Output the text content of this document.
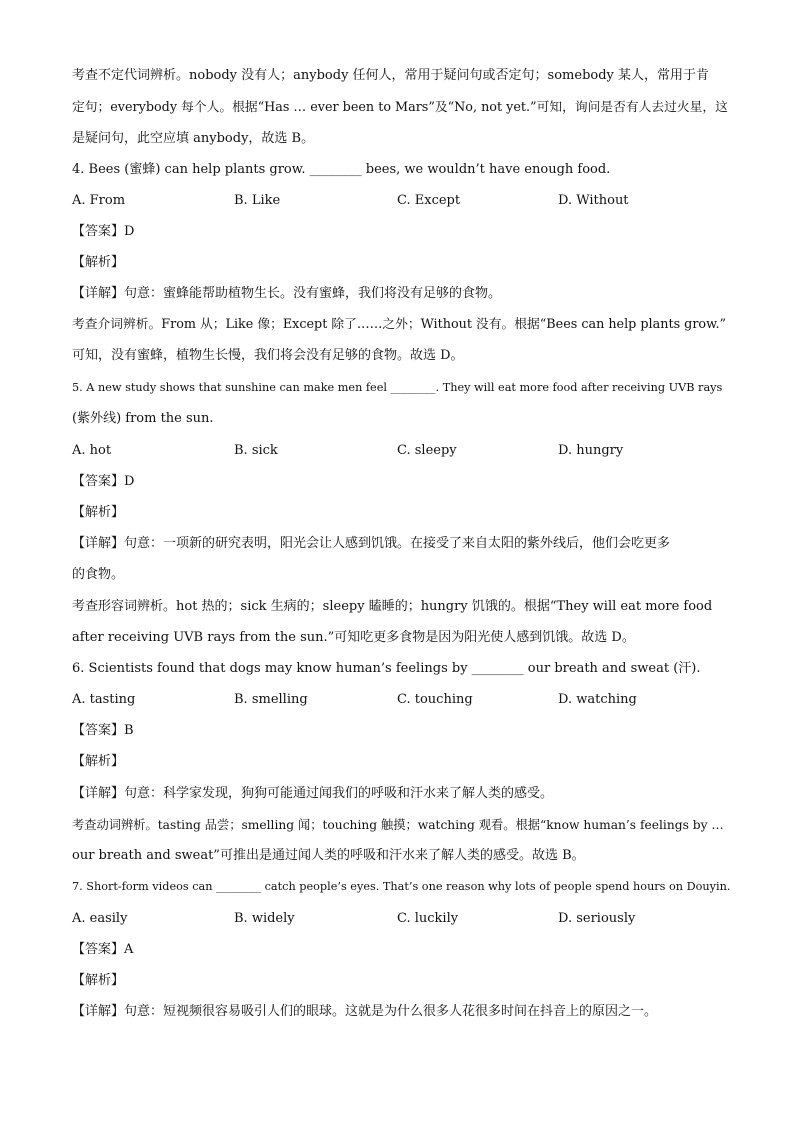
考查不定代词辨析。nobody 没有人；anybody 任何人，常用于疑问句或否定句；somebody 某人，常用于肯
定句；everybody 每个人。根据“Has … ever been to Mars”及“No, not yet.”可知，询问是否有人去过火星，这
是疑问句，此空应填 anybody，故选 B。
4. Bees (蜜蜂) can help plants grow. ________ bees, we wouldn’t have enough food.
A. From	B. Like	C. Except	D. Without
【答案】D
【解析】
【详解】句意：蜜蜂能帮助植物生长。没有蜜蜂，我们将没有足够的食物。
考查介词辨析。From 从；Like 像；Except 除了……之外；Without 没有。根据“Bees can help plants grow.”
可知，没有蜜蜂，植物生长慢，我们将会没有足够的食物。故选 D。
5. A new study shows that sunshine can make men feel ________. They will eat more food after receiving UVB rays
(紫外线) from the sun.
A. hot	B. sick	C. sleepy	D. hungry
【答案】D
【解析】
【详解】句意：一项新的研究表明，阳光会让人感到饥饿。在接受了来自太阳的紫外线后，他们会吃更多
的食物。
考查形容词辨析。hot 热的；sick 生病的；sleepy 瞌睡的；hungry 饥饿的。根据“They will eat more food
after receiving UVB rays from the sun.”可知吃更多食物是因为阳光使人感到饥饿。故选 D。
6. Scientists found that dogs may know human’s feelings by ________ our breath and sweat (汗).
A. tasting	B. smelling	C. touching	D. watching
【答案】B
【解析】
【详解】句意：科学家发现，狗狗可能通过闻我们的呼吸和汗水来了解人类的感受。
考查动词辨析。tasting 品尝；smelling 闻；touching 触摸；watching 观看。根据“know human’s feelings by …
our breath and sweat”可推出是通过闻人类的呼吸和汗水来了解人类的感受。故选 B。
7. Short-form videos can ________ catch people’s eyes. That’s one reason why lots of people spend hours on Douyin.
A. easily	B. widely	C. luckily	D. seriously
【答案】A
【解析】
【详解】句意：短视频很容易吸引人们的眼球。这就是为什么很多人花很多时间在抖音上的原因之一。
